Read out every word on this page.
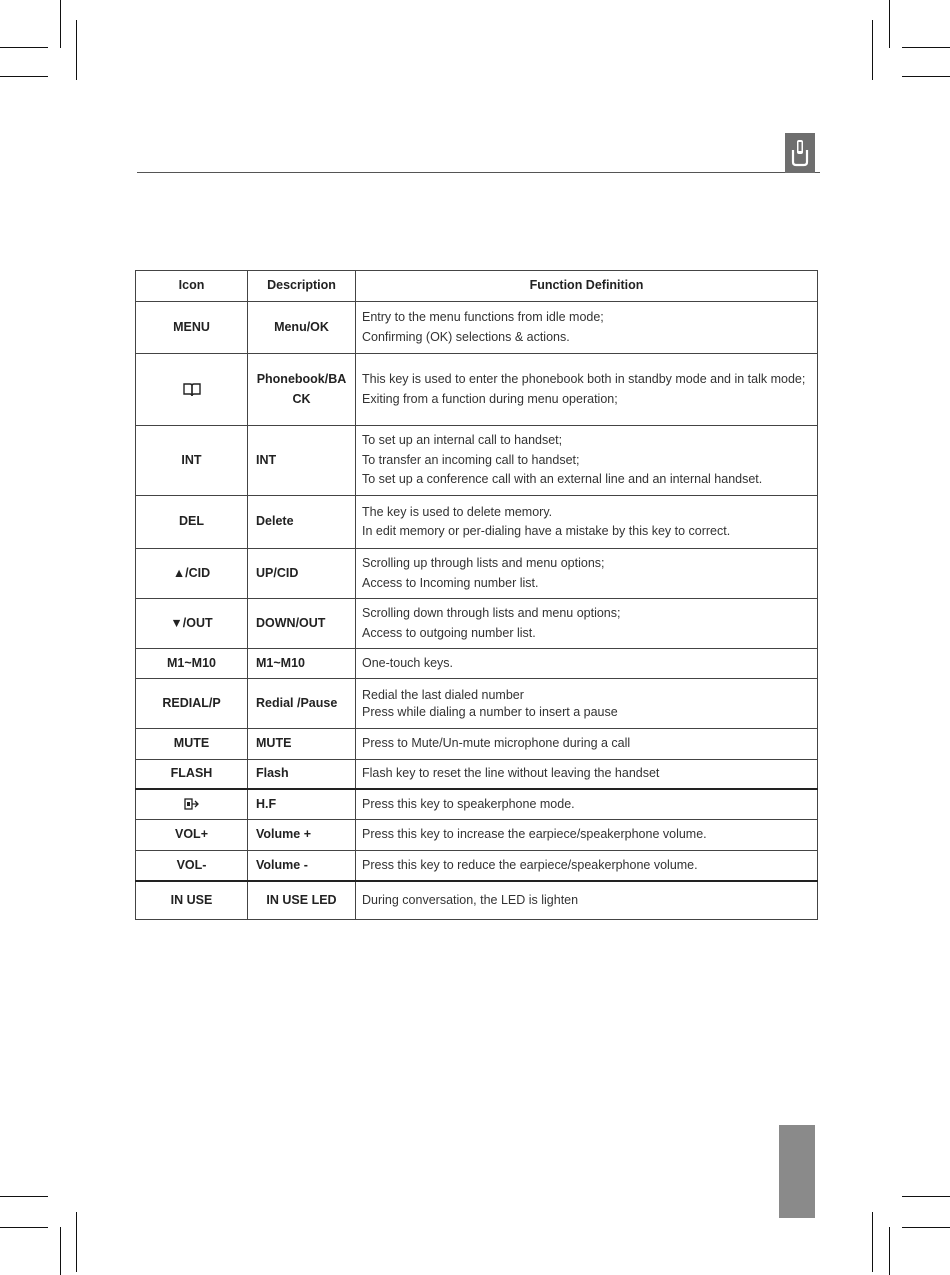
Icon	Description	Function Definition
MENU	Menu/OK	Entry to the menu functions from idle mode;
Confirming (OK) selections & actions.

	Phonebook/BACK	This key is used to enter the phonebook both in standby mode and in talk mode;
Exiting from a function during menu operation;

INT	INT	To set up an internal call to handset;
To transfer an incoming call to handset;
To set up a conference call with an external line and an internal handset.

DEL	Delete	The key is used to delete memory.
In edit memory or per-dialing have a mistake by this key to correct.

▲/CID	UP/CID	Scrolling up through lists and menu options;
Access to Incoming number list.

▼/OUT	DOWN/OUT	Scrolling down through lists and menu options;
Access to outgoing number list.

M1~M10	M1~M10	One-touch keys.

REDIAL/P	Redial /Pause	Redial the last dialed number
Press while dialing a number to insert a pause

MUTE	MUTE	Press to Mute/Un-mute microphone during a call

FLASH	Flash	Flash key to reset the line without leaving the handset

	H.F	Press this key to speakerphone mode.

VOL+	Volume +	Press this key to increase the earpiece/speakerphone volume.

VOL-	Volume -	Press this key to reduce the earpiece/speakerphone volume.

IN USE	IN USE LED	During conversation, the LED is lighten
